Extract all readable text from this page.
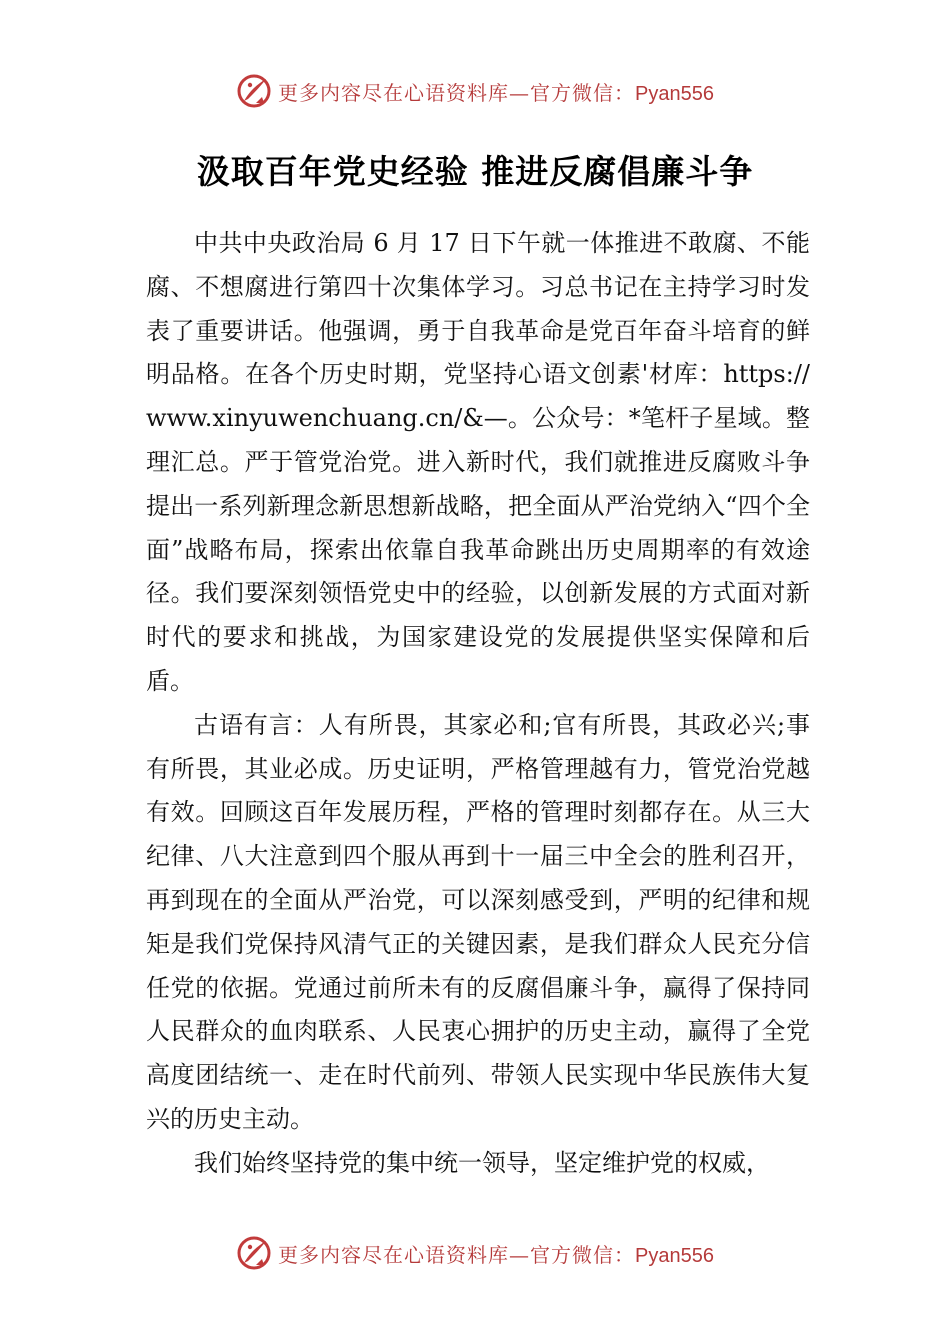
更多内容尽在心语资料库—官方微信：Pyan556
汲取百年党史经验 推进反腐倡廉斗争

中共中央政治局 6 月 17 日下午就一体推进不敢腐、不能腐、不想腐进行第四十次集体学习。习总书记在主持学习时发表了重要讲话。他强调，勇于自我革命是党百年奋斗培育的鲜明品格。在各个历史时期，党坚持心语文创素'材库：https://www.xinyuwenchuang.cn/&—。公众号：*笔杆子星域。整理汇总。严于管党治党。进入新时代，我们就推进反腐败斗争提出一系列新理念新思想新战略，把全面从严治党纳入“四个全面”战略布局，探索出依靠自我革命跳出历史周期率的有效途径。我们要深刻领悟党史中的经验，以创新发展的方式面对新时代的要求和挑战，为国家建设党的发展提供坚实保障和后盾。

古语有言：人有所畏，其家必和;官有所畏，其政必兴;事有所畏，其业必成。历史证明，严格管理越有力，管党治党越有效。回顾这百年发展历程，严格的管理时刻都存在。从三大纪律、八大注意到四个服从再到十一届三中全会的胜利召开，再到现在的全面从严治党，可以深刻感受到，严明的纪律和规矩是我们党保持风清气正的关键因素，是我们群众人民充分信任党的依据。党通过前所未有的反腐倡廉斗争，赢得了保持同人民群众的血肉联系、人民衷心拥护的历史主动，赢得了全党高度团结统一、走在时代前列、带领人民实现中华民族伟大复兴的历史主动。

我们始终坚持党的集中统一领导，坚定维护党的权威，

更多内容尽在心语资料库—官方微信：Pyan556
